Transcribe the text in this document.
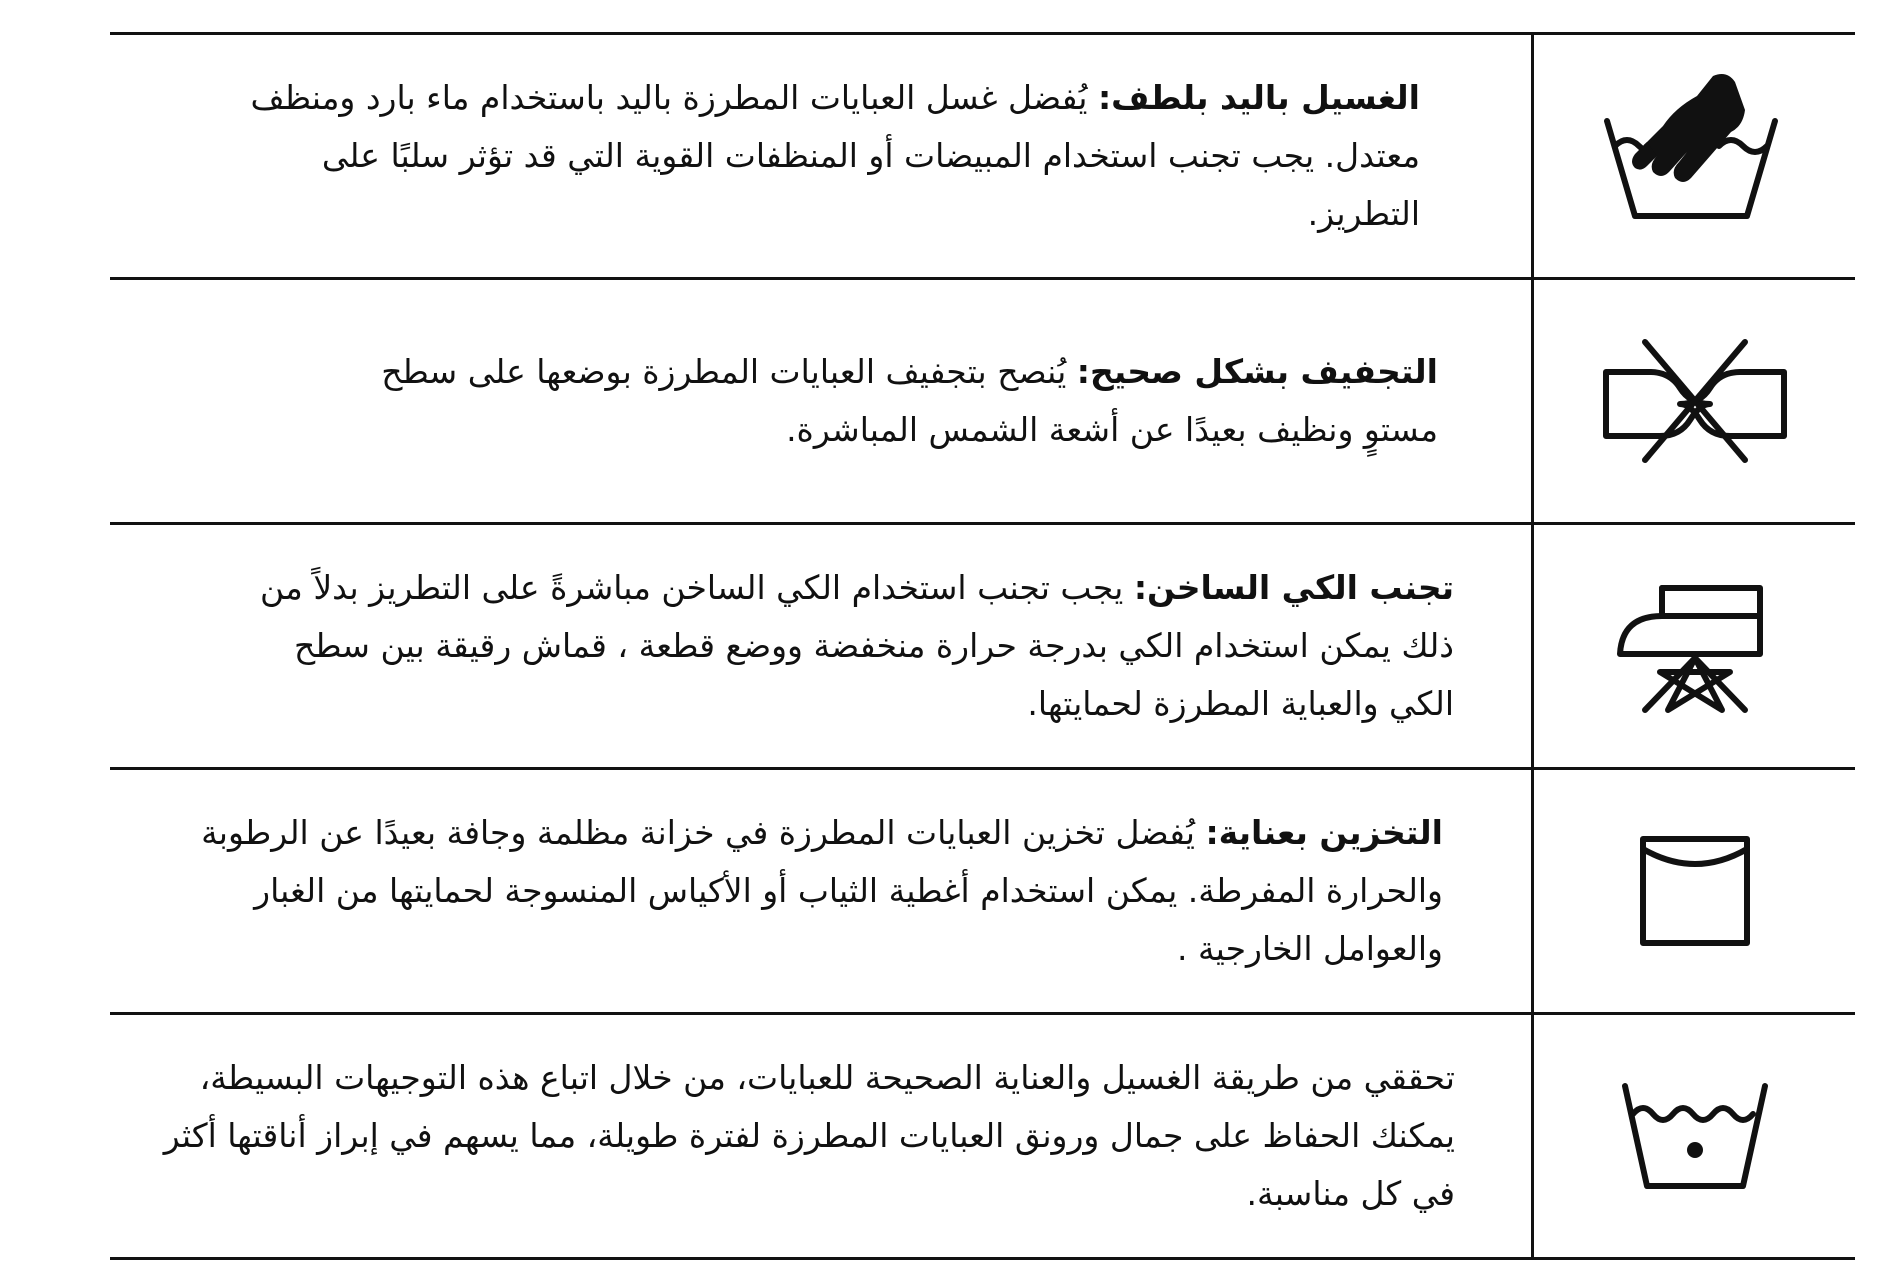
الغسيل باليد بلطف: يُفضل غسل العبايات المطرزة باليد باستخدام ماء بارد ومنظف معتدل. يجب تجنب استخدام المبيضات أو المنظفات القوية التي قد تؤثر سلبًا على التطريز.

التجفيف بشكل صحيح: يُنصح بتجفيف العبايات المطرزة بوضعها على سطح مستوٍ ونظيف بعيدًا عن أشعة الشمس المباشرة.

تجنب الكي الساخن: يجب تجنب استخدام الكي الساخن مباشرةً على التطريز بدلاً من ذلك يمكن استخدام الكي بدرجة حرارة منخفضة ووضع قطعة ، قماش رقيقة بين سطح الكي والعباية المطرزة لحمايتها.

التخزين بعناية: يُفضل تخزين العبايات المطرزة في خزانة مظلمة وجافة بعيدًا عن الرطوبة والحرارة المفرطة. يمكن استخدام أغطية الثياب أو الأكياس المنسوجة لحمايتها من الغبار والعوامل الخارجية .

تحققي من طريقة الغسيل والعناية الصحيحة للعبايات، من خلال اتباع هذه التوجيهات البسيطة، يمكنك الحفاظ على جمال ورونق العبايات المطرزة لفترة طويلة، مما يسهم في إبراز أناقتها أكثر في كل مناسبة.
